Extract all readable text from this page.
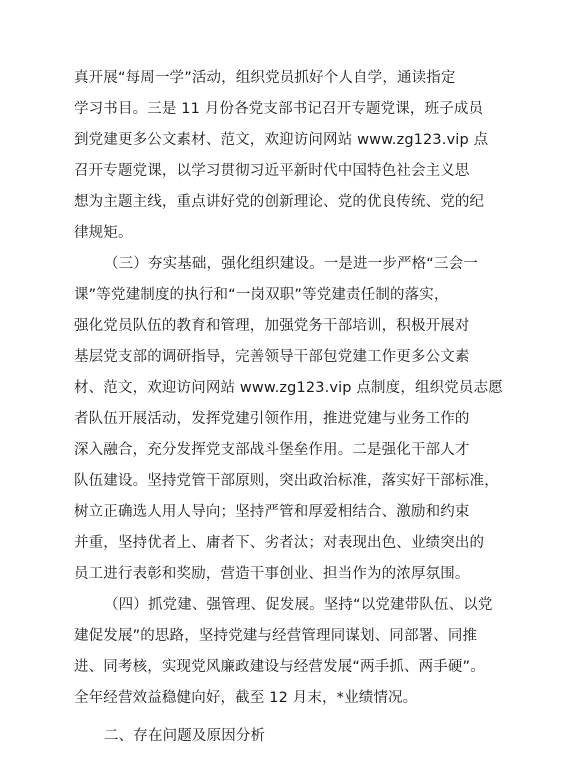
真开展“每周一学”活动，组织党员抓好个人自学，通读指定
学习书目。三是 11 月份各党支部书记召开专题党课，班子成员
到党建更多公文素材、范文，欢迎访问网站 www.zg123.vip 点
召开专题党课，以学习贯彻习近平新时代中国特色社会主义思
想为主题主线，重点讲好党的创新理论、党的优良传统、党的纪
律规矩。
（三）夯实基础，强化组织建设。一是进一步严格“三会一
课”等党建制度的执行和“一岗双职”等党建责任制的落实，
强化党员队伍的教育和管理，加强党务干部培训，积极开展对
基层党支部的调研指导，完善领导干部包党建工作更多公文素
材、范文，欢迎访问网站 www.zg123.vip 点制度，组织党员志愿
者队伍开展活动，发挥党建引领作用，推进党建与业务工作的
深入融合，充分发挥党支部战斗堡垒作用。二是强化干部人才
队伍建设。坚持党管干部原则，突出政治标准，落实好干部标准，
树立正确选人用人导向；坚持严管和厚爱相结合、激励和约束
并重，坚持优者上、庸者下、劣者汰；对表现出色、业绩突出的
员工进行表彰和奖励，营造干事创业、担当作为的浓厚氛围。
（四）抓党建、强管理、促发展。坚持“以党建带队伍、以党
建促发展”的思路，坚持党建与经营管理同谋划、同部署、同推
进、同考核，实现党风廉政建设与经营发展“两手抓、两手硬”。
全年经营效益稳健向好，截至 12 月末，*业绩情况。
二、存在问题及原因分析
